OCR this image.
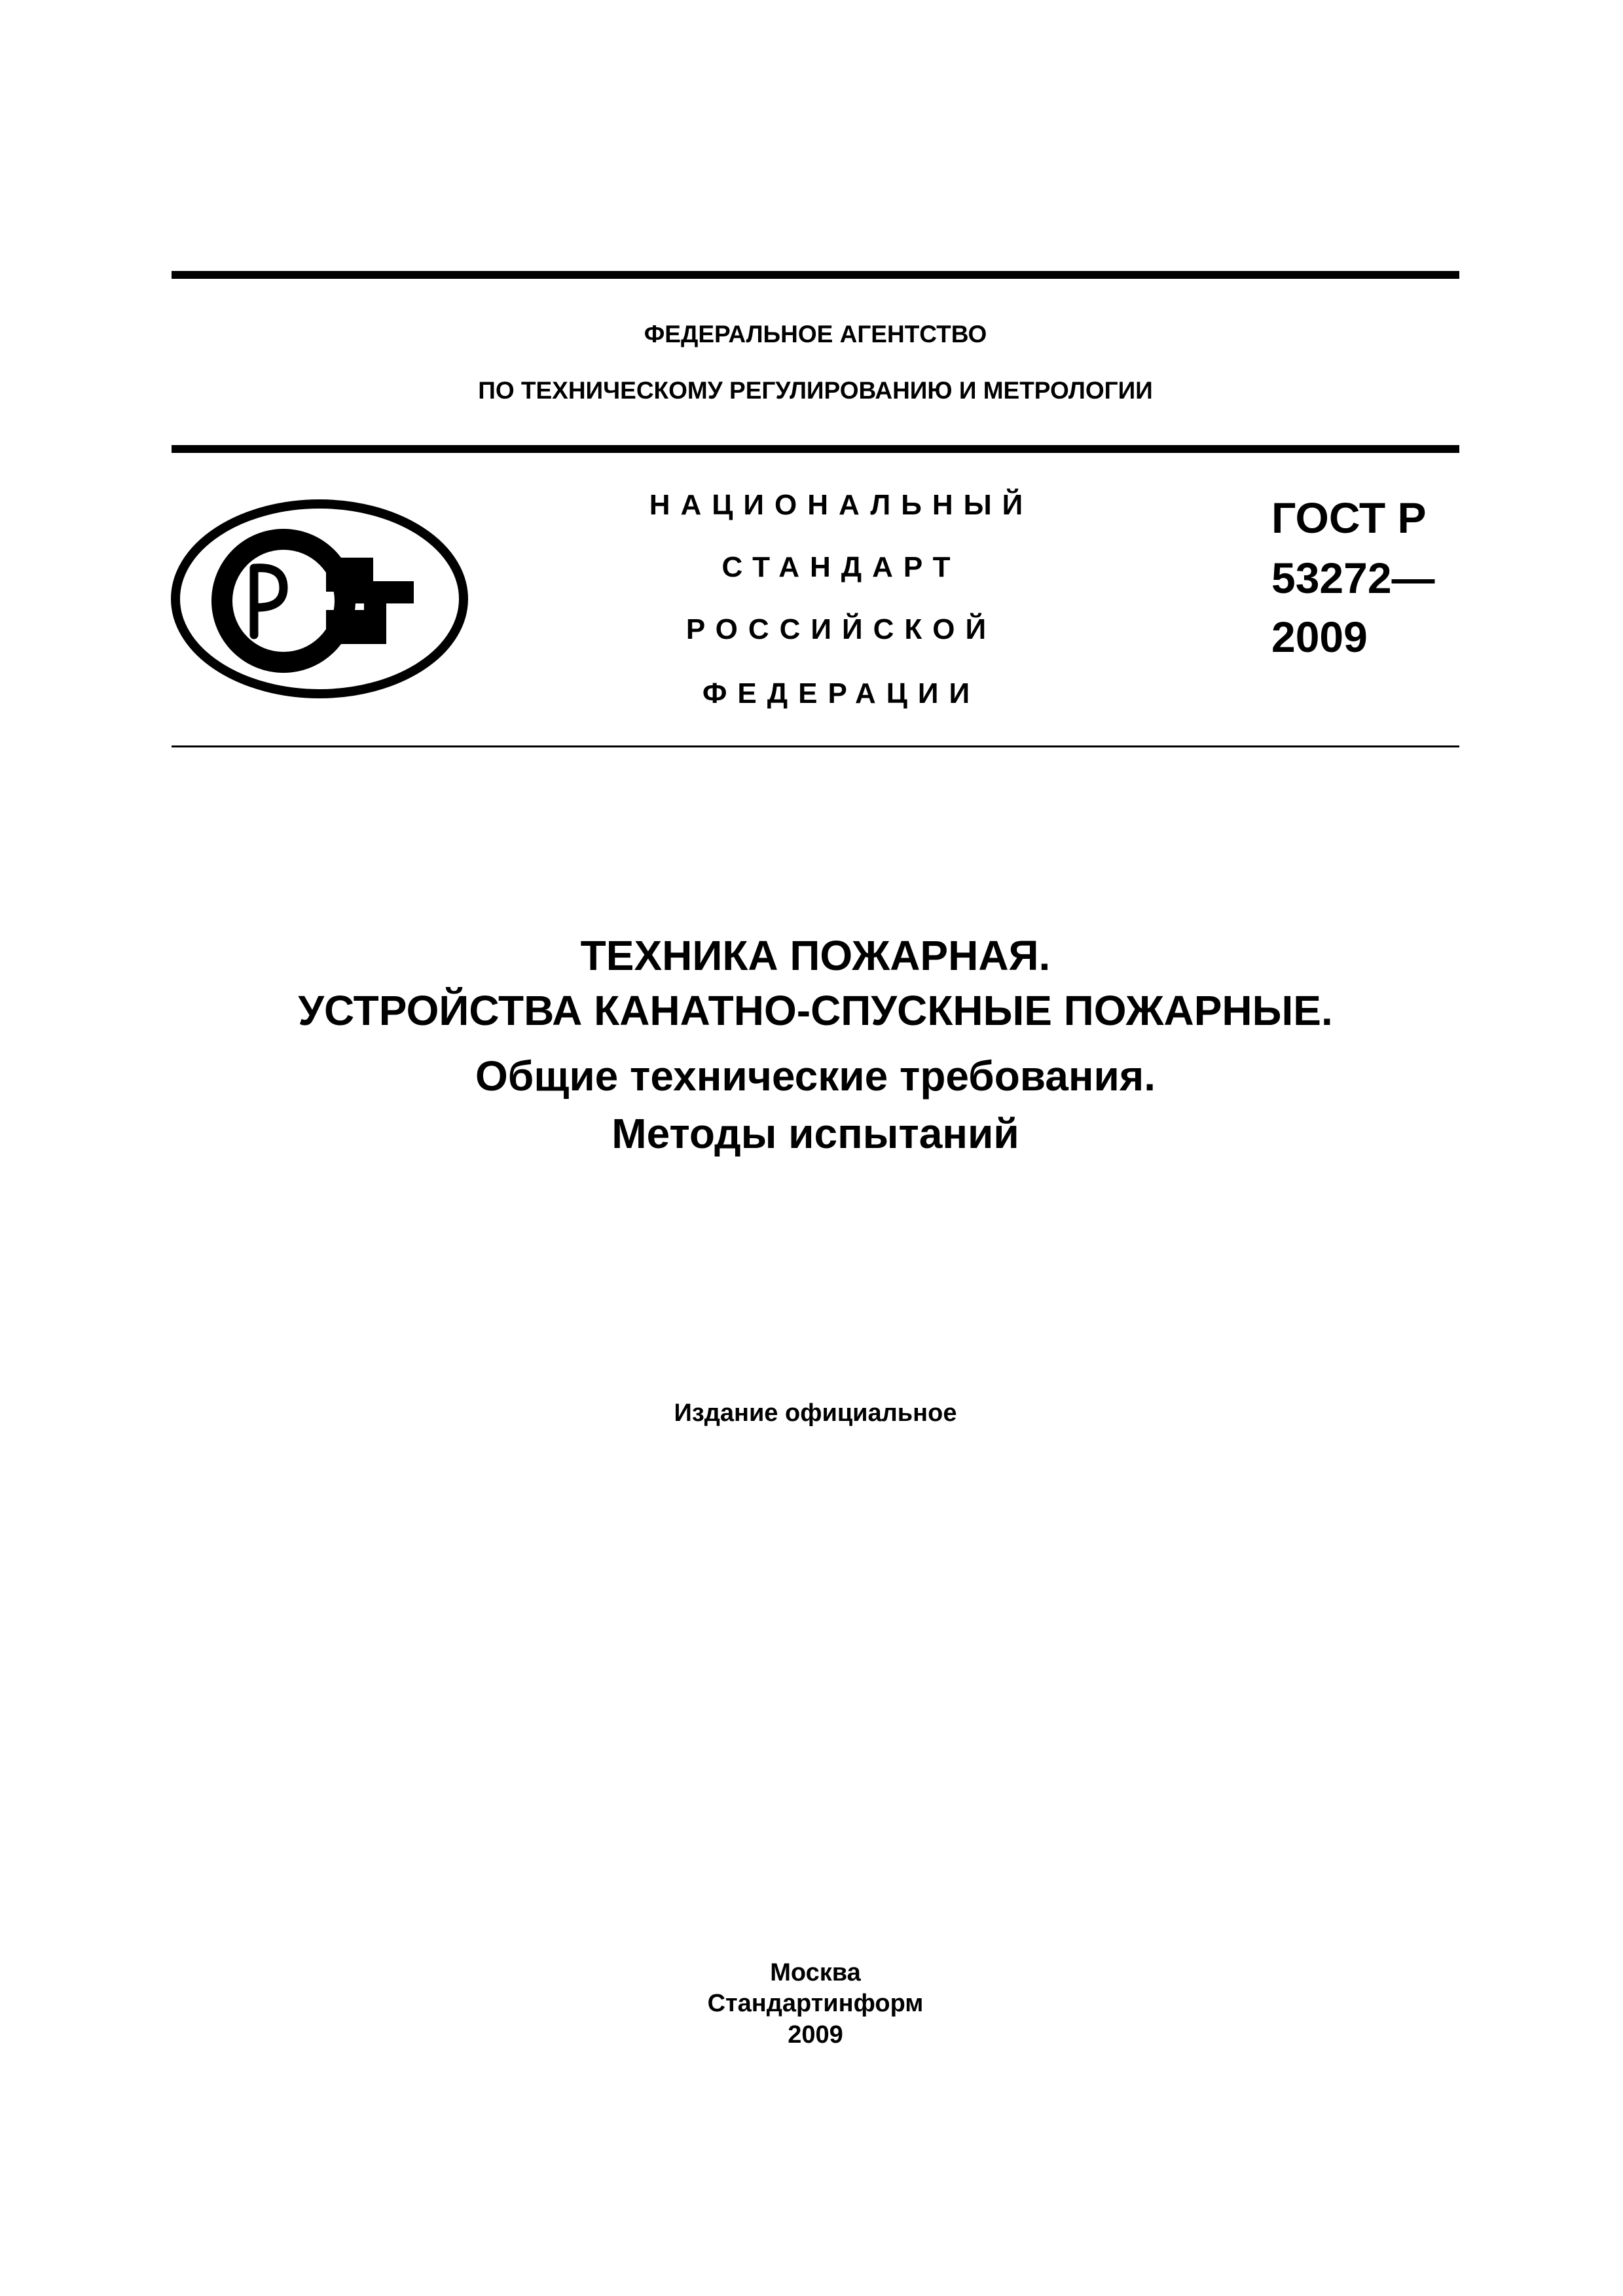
ФЕДЕРАЛЬНОЕ АГЕНТСТВО
ПО ТЕХНИЧЕСКОМУ РЕГУЛИРОВАНИЮ И МЕТРОЛОГИИ
НАЦИОНАЛЬНЫЙ
СТАНДАРТ
РОССИЙСКОЙ
ФЕДЕРАЦИИ
ГОСТ Р
53272—
2009
ТЕХНИКА ПОЖАРНАЯ.
УСТРОЙСТВА КАНАТНО-СПУСКНЫЕ ПОЖАРНЫЕ.
Общие технические требования.
Методы испытаний
Издание официальное
Москва
Стандартинформ
2009
